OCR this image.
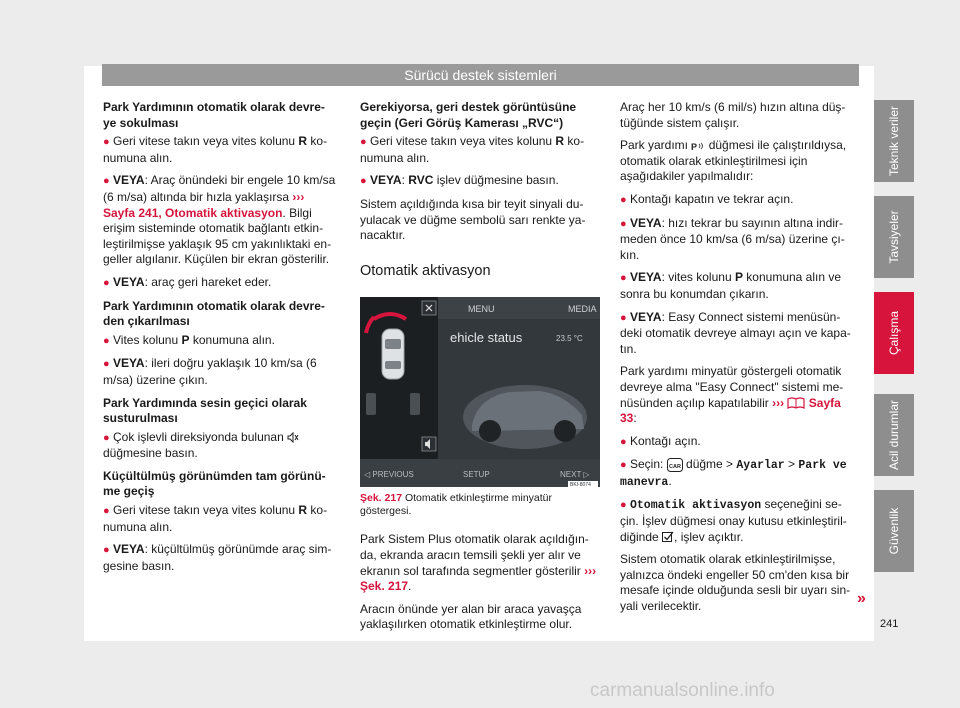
Sürücü destek sistemleri

Park Yardımının otomatik olarak devre-ye sokulması

● Geri vitese takın veya vites kolunu R ko-numuna alın.

● VEYA: Araç önündeki bir engele 10 km/sa (6 m/sa) altında bir hızla yaklaşırsa ››› Sayfa 241, Otomatik aktivasyon. Bilgi erişim sisteminde otomatik bağlantı etkin-leştirilmişse yaklaşık 95 cm yakınlıktaki en-geller algılanır. Küçülen bir ekran gösterilir.

● VEYA: araç geri hareket eder.

Park Yardımının otomatik olarak devre-den çıkarılması

● Vites kolunu P konumuna alın.

● VEYA: ileri doğru yaklaşık 10 km/sa (6 m/sa) üzerine çıkın.

Park Yardımında sesin geçici olarak susturulması

● Çok işlevli direksiyonda bulunan  düğmesine basın.

Küçültülmüş görünümden tam görünü-me geçiş

● Geri vitese takın veya vites kolunu R ko-numuna alın.

● VEYA: küçültülmüş görünümde araç sim-gesine basın.

Gerekiyorsa, geri destek görüntüsüne geçin (Geri Görüş Kamerası „RVC“)

● Geri vitese takın veya vites kolunu R ko-numuna alın.

● VEYA: RVC işlev düğmesine basın.

Sistem açıldığında kısa bir teyit sinyali du-yulacak ve düğme sembolü sarı renkte ya-nacaktır.

Otomatik aktivasyon

MENU	MEDIA
ehicle status	23.5 °C
◁ PREVIOUS	SETUP	NEXT ▷
BKI-8074

Şek. 217 Otomatik etkinleştirme minyatür göstergesi.

Park Sistem Plus otomatik olarak açıldığın-da, ekranda aracın temsili şekli yer alır ve ekranın sol tarafında segmentler gösterilir ››› Şek. 217.

Aracın önünde yer alan bir araca yavaşça yaklaşılırken otomatik etkinleştirme olur.

Araç her 10 km/s (6 mil/s) hızın altına düş-tüğünde sistem çalışır.

Park yardımı P düğmesi ile çalıştırıldıysa, otomatik olarak etkinleştirilmesi için aşağıdakiler yapılmalıdır:

● Kontağı kapatın ve tekrar açın.

● VEYA: hızı tekrar bu sayının altına indir-meden önce 10 km/sa (6 m/sa) üzerine çı-kın.

● VEYA: vites kolunu P konumuna alın ve sonra bu konumdan çıkarın.

● VEYA: Easy Connect sistemi menüsün-deki otomatik devreye almayı açın ve kapa-tın.

Park yardımı minyatür göstergeli otomatik devreye alma "Easy Connect" sistemi me-nüsünden açılıp kapatılabilir ›››  Sayfa 33:

● Kontağı açın.

● Seçin: CAR düğme > Ayarlar > Park ve manevra.

● Otomatik aktivasyon seçeneğini se-çin. İşlev düğmesi onay kutusu etkinleştiril-diğinde , işlev açıktır.

Sistem otomatik olarak etkinleştirilmişse, yalnızca öndeki engeller 50 cm'den kısa bir mesafe içinde olduğunda sesli bir uyarı sin-yali verilecektir.	»
Teknik veriler
Tavsiyeler
Çalışma
Acil durumlar
Güvenlik
241
carmanualsonline.info
